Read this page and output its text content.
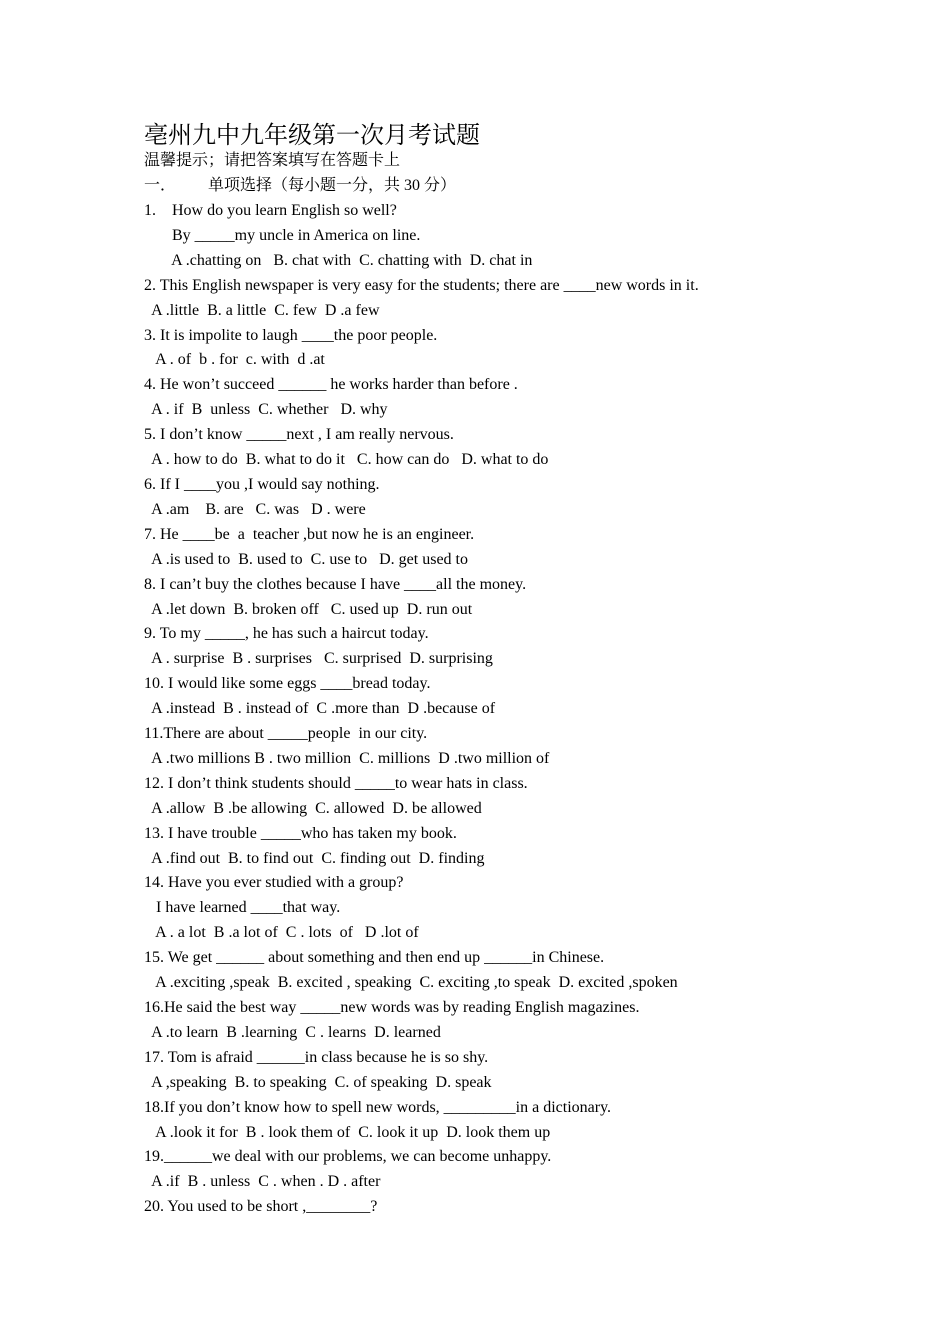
亳州九中九年级第一次月考试题
温馨提示；请把答案填写在答题卡上
一．        单项选择（每小题一分，共 30 分）
1.    How do you learn English so well?
By _____my uncle in America on line.
A .chatting on   B. chat with  C. chatting with  D. chat in
2. This English newspaper is very easy for the students; there are ____new words in it.
A .little  B. a little  C. few  D .a few
3. It is impolite to laugh ____the poor people.
A . of  b . for  c. with  d .at
4. He won’t succeed ______ he works harder than before .
A . if  B  unless  C. whether   D. why
5. I don’t know _____next , I am really nervous.
A . how to do  B. what to do it   C. how can do   D. what to do
6. If I ____you ,I would say nothing.
A .am    B. are   C. was   D . were
7. He ____be  a  teacher ,but now he is an engineer.
A .is used to  B. used to  C. use to   D. get used to
8. I can’t buy the clothes because I have ____all the money.
A .let down  B. broken off   C. used up  D. run out
9. To my _____, he has such a haircut today.
A . surprise  B . surprises   C. surprised  D. surprising
10. I would like some eggs ____bread today.
A .instead  B . instead of  C .more than  D .because of
11.There are about _____people  in our city.
A .two millions B . two million  C. millions  D .two million of
12. I don’t think students should _____to wear hats in class.
A .allow  B .be allowing  C. allowed  D. be allowed
13. I have trouble _____who has taken my book.
A .find out  B. to find out  C. finding out  D. finding
14. Have you ever studied with a group?
I have learned ____that way.
A . a lot  B .a lot of  C . lots  of   D .lot of
15. We get ______ about something and then end up ______in Chinese.
A .exciting ,speak  B. excited , speaking  C. exciting ,to speak  D. excited ,spoken
16.He said the best way _____new words was by reading English magazines.
A .to learn  B .learning  C . learns  D. learned
17. Tom is afraid ______in class because he is so shy.
A ,speaking  B. to speaking  C. of speaking  D. speak
18.If you don’t know how to spell new words, _________in a dictionary.
A .look it for  B . look them of  C. look it up  D. look them up
19.______we deal with our problems, we can become unhappy.
A .if  B . unless  C . when . D . after
20. You used to be short ,________?
